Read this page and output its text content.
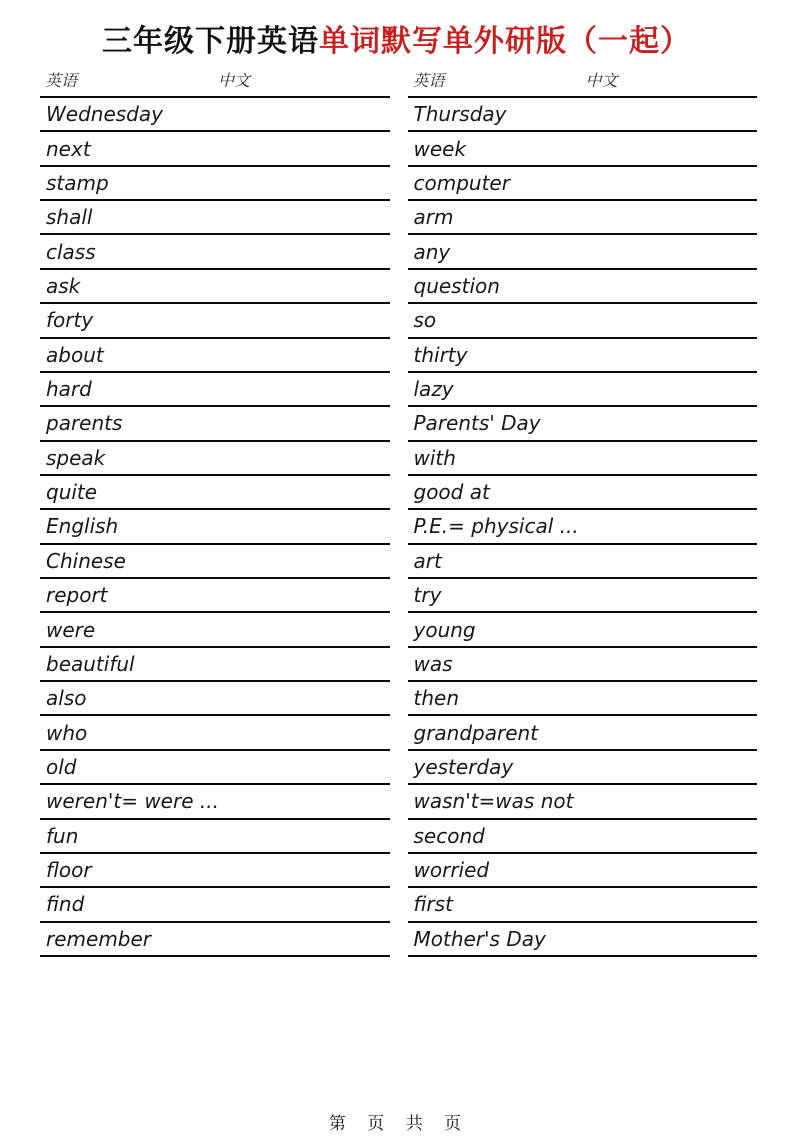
三年级下册英语单词默写单外研版（一起）
英语	中文
Wednesday
next
stamp
shall
class
ask
forty
about
hard
parents
speak
quite
English
Chinese
report
were
beautiful
also
who
old
weren't= were ...
fun
floor
find
remember
英语	中文
Thursday
week
computer
arm
any
question
so
thirty
lazy
Parents' Day
with
good at
P.E.= physical ...
art
try
young
was
then
grandparent
yesterday
wasn't=was not
second
worried
first
Mother's Day
第 页 共 页
